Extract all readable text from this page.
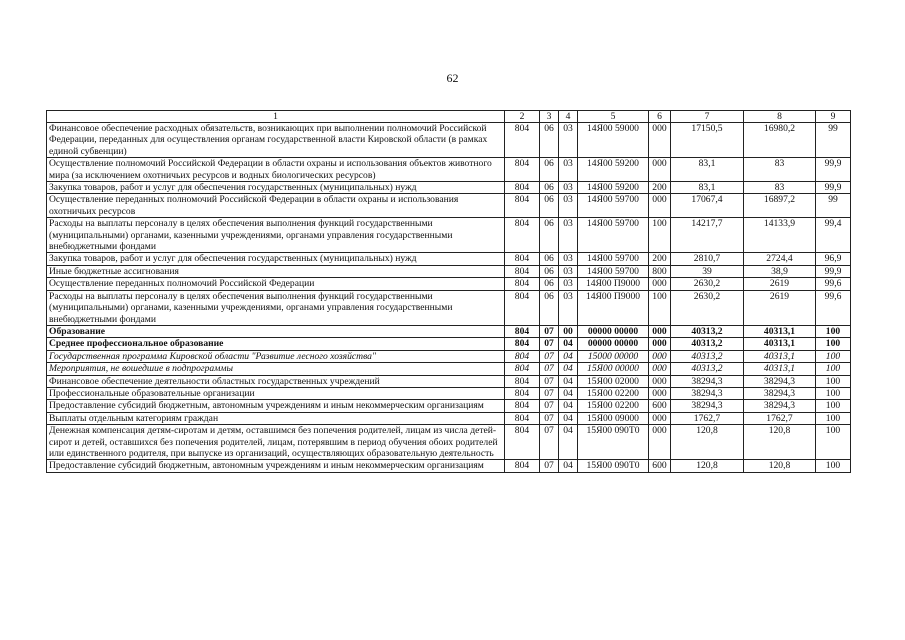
62
1	2	3	4	5	6	7	8	9
Финансовое обеспечение расходных обязательств, возникающих при выполнении полномочий Российской Федерации, переданных для осуществления органам государственной власти Кировской области (в рамках единой субвенции)	804	06	03	14Я00 59000	000	17150,5	16980,2	99
Осуществление полномочий Российской Федерации в области охраны и использования объектов животного мира (за исключением охотничьих ресурсов и водных биологических ресурсов)	804	06	03	14Я00 59200	000	83,1	83	99,9
Закупка товаров, работ и услуг для обеспечения государственных (муниципальных) нужд	804	06	03	14Я00 59200	200	83,1	83	99,9
Осуществление переданных полномочий Российской Федерации в области охраны и использования охотничьих ресурсов	804	06	03	14Я00 59700	000	17067,4	16897,2	99
Расходы на выплаты персоналу в целях обеспечения выполнения функций государственными (муниципальными) органами, казенными учреждениями, органами управления государственными внебюджетными фондами	804	06	03	14Я00 59700	100	14217,7	14133,9	99,4
Закупка товаров, работ и услуг для обеспечения государственных (муниципальных) нужд	804	06	03	14Я00 59700	200	2810,7	2724,4	96,9
Иные бюджетные ассигнования	804	06	03	14Я00 59700	800	39	38,9	99,9
Осуществление переданных полномочий Российской Федерации	804	06	03	14Я00 П9000	000	2630,2	2619	99,6
Расходы на выплаты персоналу в целях обеспечения выполнения функций государственными (муниципальными) органами, казенными учреждениями, органами управления государственными внебюджетными фондами	804	06	03	14Я00 П9000	100	2630,2	2619	99,6
Образование	804	07	00	00000 00000	000	40313,2	40313,1	100
Среднее профессиональное образование	804	07	04	00000 00000	000	40313,2	40313,1	100
Государственная программа Кировской области "Развитие лесного хозяйства"	804	07	04	15000 00000	000	40313,2	40313,1	100
Мероприятия, не вошедшие в подпрограммы	804	07	04	15Я00 00000	000	40313,2	40313,1	100
Финансовое обеспечение деятельности областных государственных учреждений	804	07	04	15Я00 02000	000	38294,3	38294,3	100
Профессиональные образовательные организации	804	07	04	15Я00 02200	000	38294,3	38294,3	100
Предоставление субсидий бюджетным, автономным учреждениям и иным некоммерческим организациям	804	07	04	15Я00 02200	600	38294,3	38294,3	100
Выплаты отдельным категориям граждан	804	07	04	15Я00 09000	000	1762,7	1762,7	100
Денежная компенсация детям-сиротам и детям, оставшимся без попечения родителей, лицам из числа детей-сирот и детей, оставшихся без попечения родителей, лицам, потерявшим в период обучения обоих родителей или единственного родителя, при выпуске из организаций, осуществляющих образовательную деятельность	804	07	04	15Я00 090Т0	000	120,8	120,8	100
Предоставление субсидий бюджетным, автономным учреждениям и иным некоммерческим организациям	804	07	04	15Я00 090Т0	600	120,8	120,8	100
